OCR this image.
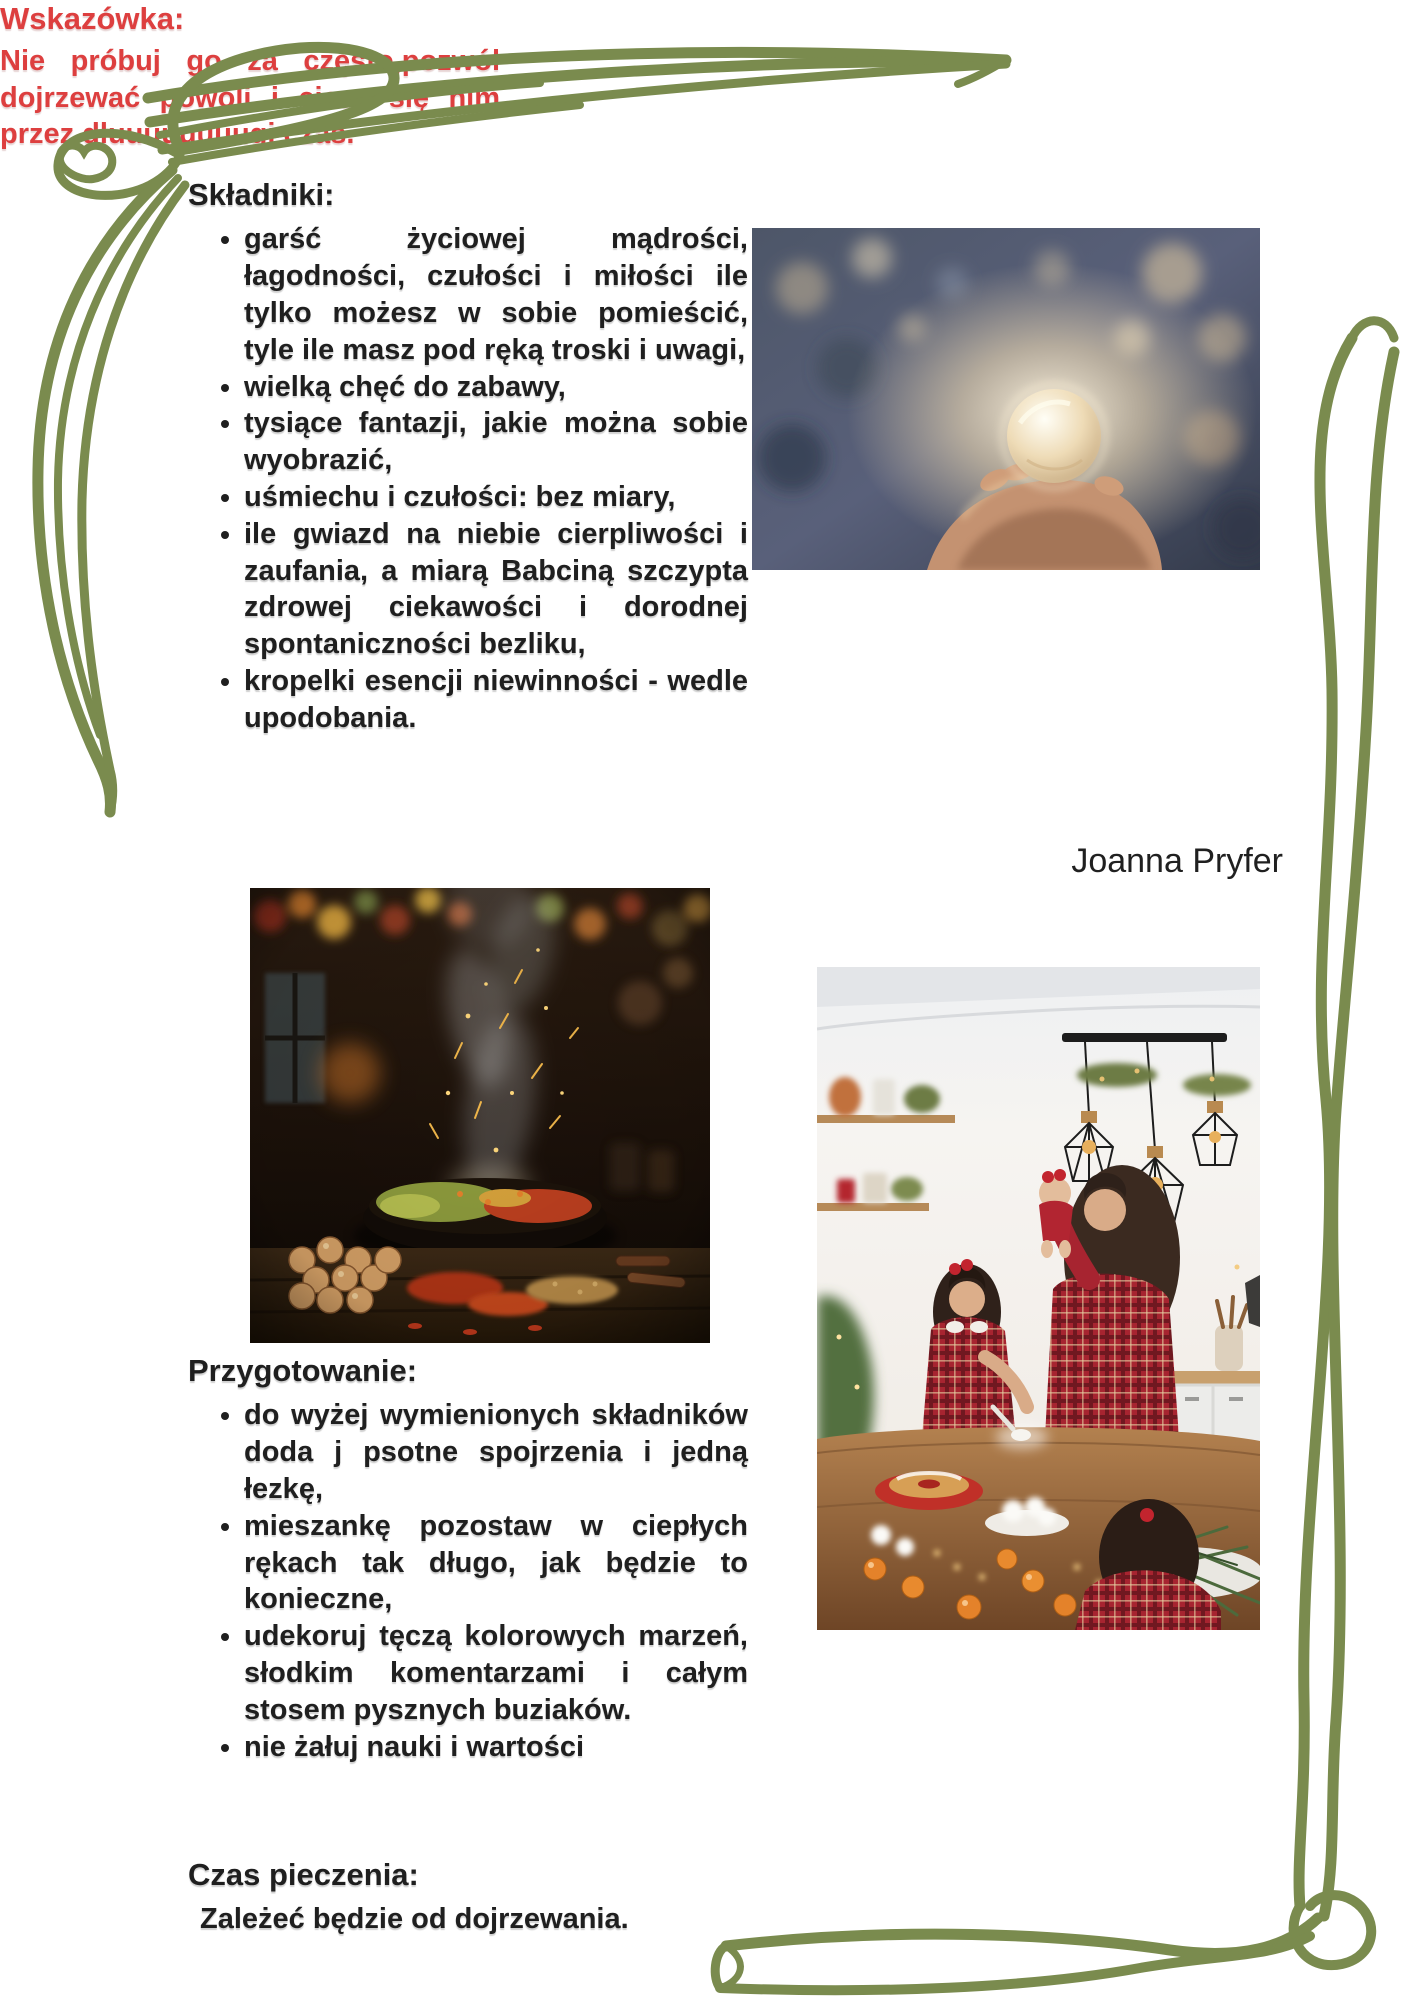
Składniki:
• garść życiowej mądrości, łagodności, czułości i miłości ile tylko możesz w sobie pomieścić, tyle ile masz pod ręką troski i uwagi,
• wielką chęć do zabawy,
• tysiące fantazji, jakie można sobie wyobrazić,
• uśmiechu i czułości: bez miary,
• ile gwiazd na niebie cierpliwości i zaufania, a miarą Babciną szczypta zdrowej ciekawości i dorodnej spontaniczności bezliku,
• kropelki esencji niewinności - wedle upodobania.
Wskazówka:

Nie próbuj go za często,pozwól dojrzewać powoli i ciesz się nim przez dłuuuuuuuugi czas.

Joanna Pryfer
Przygotowanie:
• do wyżej wymienionych składników doda j psotne spojrzenia i jedną łezkę,
• mieszankę pozostaw w ciepłych rękach tak długo, jak będzie to konieczne,
• udekoruj tęczą kolorowych marzeń, słodkim komentarzami i całym stosem pysznych buziaków.
• nie żałuj nauki i wartości
Czas pieczenia:

Zależeć będzie od dojrzewania.
